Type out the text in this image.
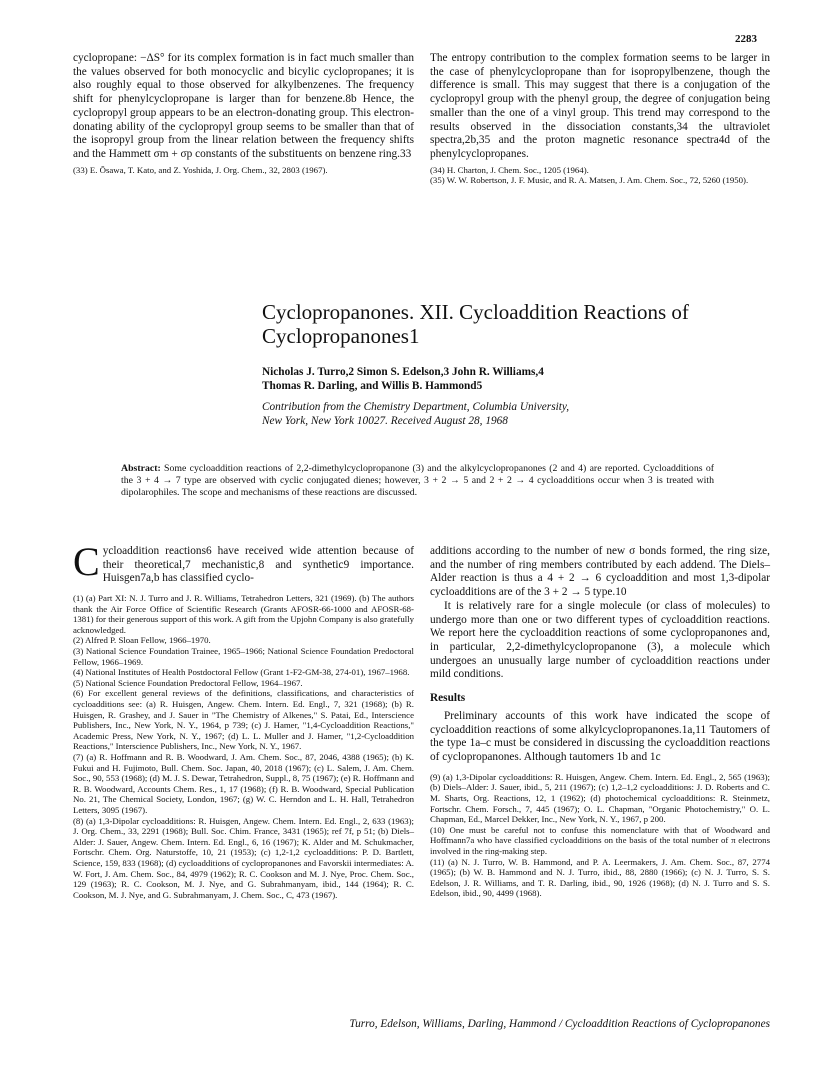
2283

cyclopropane: −ΔS° for its complex formation is in fact much smaller than the values observed for both monocyclic and bicylic cyclopropanes; it is also roughly equal to those observed for alkylbenzenes. The frequency shift for phenylcyclopropane is larger than for benzene.8b Hence, the cyclopropyl group appears to be an electron-donating group. This electron-donating ability of the cyclopropyl group seems to be smaller than that of the isopropyl group from the linear relation between the frequency shifts and the Hammett σm + σp constants of the substituents on benzene ring.33

(33) E. Ōsawa, T. Kato, and Z. Yoshida, J. Org. Chem., 32, 2803 (1967).

The entropy contribution to the complex formation seems to be larger in the case of phenylcyclopropane than for isopropylbenzene, though the difference is small. This may suggest that there is a conjugation of the cyclopropyl group with the phenyl group, the degree of conjugation being smaller than the one of a vinyl group. This trend may correspond to the results observed in the dissociation constants,34 the ultraviolet spectra,2b,35 and the proton magnetic resonance spectra4d of the phenylcyclopropanes.

(34) H. Charton, J. Chem. Soc., 1205 (1964).

(35) W. W. Robertson, J. F. Music, and R. A. Matsen, J. Am. Chem. Soc., 72, 5260 (1950).

Cyclopropanones. XII. Cycloaddition Reactions of

Cyclopropanones1

Nicholas J. Turro,2 Simon S. Edelson,3 John R. Williams,4
Thomas R. Darling, and Willis B. Hammond5
Contribution from the Chemistry Department, Columbia University,
New York, New York 10027. Received August 28, 1968

Abstract: Some cycloaddition reactions of 2,2-dimethylcyclopropanone (3) and the alkylcyclopropanones (2 and 4) are reported. Cycloadditions of the 3 + 4 → 7 type are observed with cyclic conjugated dienes; however, 3 + 2 → 5 and 2 + 2 → 4 cycloadditions occur when 3 is treated with dipolarophiles. The scope and mechanisms of these reactions are discussed.

Cycloaddition reactions6 have received wide attention because of their theoretical,7 mechanistic,8 and synthetic9 importance. Huisgen7a,b has classified cyclo-

(1) (a) Part XI: N. J. Turro and J. R. Williams, Tetrahedron Letters, 321 (1969). (b) The authors thank the Air Force Office of Scientific Research (Grants AFOSR-66-1000 and AFOSR-68-1381) for their generous support of this work. A gift from the Upjohn Company is also gratefully acknowledged.

(2) Alfred P. Sloan Fellow, 1966–1970.

(3) National Science Foundation Trainee, 1965–1966; National Science Foundation Predoctoral Fellow, 1966–1969.

(4) National Institutes of Health Postdoctoral Fellow (Grant 1-F2-GM-38, 274-01), 1967–1968.

(5) National Science Foundation Predoctoral Fellow, 1964–1967.

(6) For excellent general reviews of the definitions, classifications, and characteristics of cycloadditions see: (a) R. Huisgen, Angew. Chem. Intern. Ed. Engl., 7, 321 (1968); (b) R. Huisgen, R. Grashey, and J. Sauer in "The Chemistry of Alkenes," S. Patai, Ed., Interscience Publishers, Inc., New York, N. Y., 1964, p 739; (c) J. Hamer, "1,4-Cycloaddition Reactions," Academic Press, New York, N. Y., 1967; (d) L. L. Muller and J. Hamer, "1,2-Cycloaddition Reactions," Interscience Publishers, Inc., New York, N. Y., 1967.

(7) (a) R. Hoffmann and R. B. Woodward, J. Am. Chem. Soc., 87, 2046, 4388 (1965); (b) K. Fukui and H. Fujimoto, Bull. Chem. Soc. Japan, 40, 2018 (1967); (c) L. Salem, J. Am. Chem. Soc., 90, 553 (1968); (d) M. J. S. Dewar, Tetrahedron, Suppl., 8, 75 (1967); (e) R. Hoffmann and R. B. Woodward, Accounts Chem. Res., 1, 17 (1968); (f) R. B. Woodward, Special Publication No. 21, The Chemical Society, London, 1967; (g) W. C. Herndon and L. H. Hall, Tetrahedron Letters, 3095 (1967).

(8) (a) 1,3-Dipolar cycloadditions: R. Huisgen, Angew. Chem. Intern. Ed. Engl., 2, 633 (1963); J. Org. Chem., 33, 2291 (1968); Bull. Soc. Chim. France, 3431 (1965); ref 7f, p 51; (b) Diels–Alder: J. Sauer, Angew. Chem. Intern. Ed. Engl., 6, 16 (1967); K. Alder and M. Schukmacher, Fortschr. Chem. Org. Naturstoffe, 10, 21 (1953); (c) 1,2-1,2 cycloadditions: P. D. Bartlett, Science, 159, 833 (1968); (d) cycloadditions of cyclopropanones and Favorskii intermediates: A. W. Fort, J. Am. Chem. Soc., 84, 4979 (1962); R. C. Cookson and M. J. Nye, Proc. Chem. Soc., 129 (1963); R. C. Cookson, M. J. Nye, and G. Subrahmanyam, ibid., 144 (1964); R. C. Cookson, M. J. Nye, and G. Subrahmanyam, J. Chem. Soc., C, 473 (1967).

additions according to the number of new σ bonds formed, the ring size, and the number of ring members contributed by each addend. The Diels–Alder reaction is thus a 4 + 2 → 6 cycloaddition and most 1,3-dipolar cycloadditions are of the 3 + 2 → 5 type.10

It is relatively rare for a single molecule (or class of molecules) to undergo more than one or two different types of cycloaddition reactions. We report here the cycloaddition reactions of some cyclopropanones and, in particular, 2,2-dimethylcyclopropanone (3), a molecule which undergoes an unusually large number of cycloaddition reactions under mild conditions.

Results

Preliminary accounts of this work have indicated the scope of cycloaddition reactions of some alkylcyclopropanones.1a,11 Tautomers of the type 1a–c must be considered in discussing the cycloaddition reactions of cyclopropanones. Although tautomers 1b and 1c

(9) (a) 1,3-Dipolar cycloadditions: R. Huisgen, Angew. Chem. Intern. Ed. Engl., 2, 565 (1963); (b) Diels–Alder: J. Sauer, ibid., 5, 211 (1967); (c) 1,2–1,2 cycloadditions: J. D. Roberts and C. M. Sharts, Org. Reactions, 12, 1 (1962); (d) photochemical cycloadditions: R. Steinmetz, Fortschr. Chem. Forsch., 7, 445 (1967); O. L. Chapman, "Organic Photochemistry," O. L. Chapman, Ed., Marcel Dekker, Inc., New York, N. Y., 1967, p 200.

(10) One must be careful not to confuse this nomenclature with that of Woodward and Hoffmann7a who have classified cycloadditions on the basis of the total number of π electrons involved in the ring-making step.

(11) (a) N. J. Turro, W. B. Hammond, and P. A. Leermakers, J. Am. Chem. Soc., 87, 2774 (1965); (b) W. B. Hammond and N. J. Turro, ibid., 88, 2880 (1966); (c) N. J. Turro, S. S. Edelson, J. R. Williams, and T. R. Darling, ibid., 90, 1926 (1968); (d) N. J. Turro and S. S. Edelson, ibid., 90, 4499 (1968).

Turro, Edelson, Williams, Darling, Hammond / Cycloaddition Reactions of Cyclopropanones
